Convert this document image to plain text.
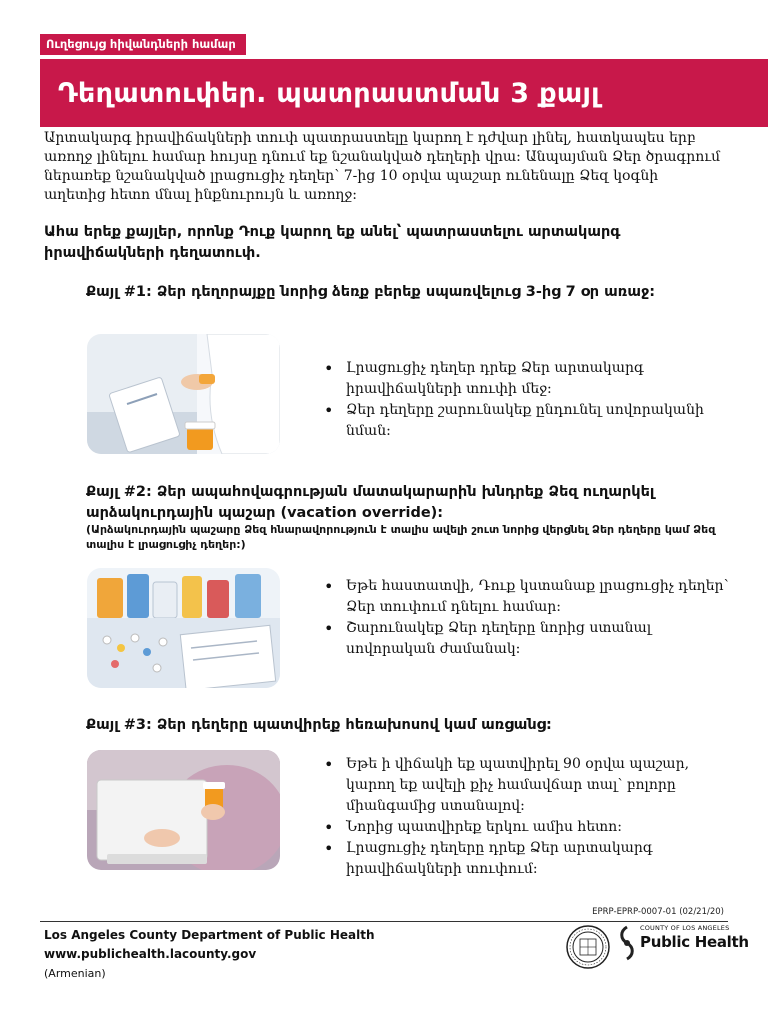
Ուղեցույց հիվանդների համար
Դեղատուփեր. պատրաստման 3 քայլ
Արտակարգ իրավիճակների տուփ պատրաստելը կարող է դժվար լինել, հատկապես երբ առողջ լինելու համար հույսը դնում եք նշանակված դեղերի վրա։ Անպայման Ձեր ծրագրում ներառեք նշանակված լրացուցիչ դեղեր՝ 7-ից 10 օրվա պաշար ունենալը Ձեզ կօգնի աղետից հետո մնալ ինքնուրույն և առողջ։
Ահա երեք քայլեր, որոնք Դուք կարող եք անել՝ պատրաստելու արտակարգ իրավիճակների դեղատուփ.
Քայլ #1: Ձեր դեղորայքը նորից ձեռք բերեք սպառվելուց 3-ից 7 օր առաջ:
• Լրացուցիչ դեղեր դրեք Ձեր արտակարգ իրավիճակների տուփի մեջ։
• Ձեր դեղերը շարունակեք ընդունել սովորականի նման։
Քայլ #2: Ձեր ապահովագրության մատակարարին խնդրեք Ձեզ ուղարկել արձակուրդային պաշար (vacation override):
(Արձակուրդային պաշարը Ձեզ հնարավորություն է տալիս ավելի շուտ նորից վերցնել Ձեր դեղերը կամ Ձեզ տալիս է լրացուցիչ դեղեր:)
• Եթե հաստատվի, Դուք կստանաք լրացուցիչ դեղեր՝ Ձեր տուփում դնելու համար։
• Շարունակեք Ձեր դեղերը նորից ստանալ սովորական ժամանակ։
Քայլ #3: Ձեր դեղերը պատվիրեք հեռախոսով կամ առցանց:
• Եթե ի վիճակի եք պատվիրել 90 օրվա պաշար, կարող եք ավելի քիչ համավճար տալ՝ բոլորը միանգամից ստանալով։
• Նորից պատվիրեք երկու ամիս հետո։
• Լրացուցիչ դեղերը դրեք Ձեր արտակարգ իրավիճակների տուփում։
EPRP-EPRP-0007-01 (02/21/20)
Los Angeles County Department of Public Health
www.publichealth.lacounty.gov
(Armenian)
COUNTY OF LOS ANGELES
Public Health
